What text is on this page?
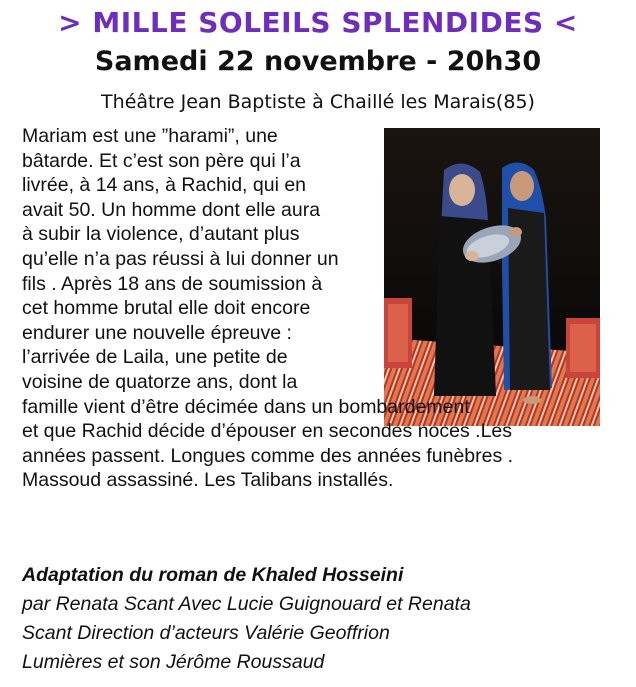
> MILLE SOLEILS SPLENDIDES <
Samedi 22 novembre - 20h30
Théâtre Jean Baptiste à Chaillé les Marais(85)
Mariam est une ”harami”, une
bâtarde. Et c’est son père qui l’a
livrée, à 14 ans, à Rachid, qui en
avait 50. Un homme dont elle aura
à subir la violence, d’autant plus
qu’elle n’a pas réussi à lui donner un
fils . Après 18 ans de soumission à
cet homme brutal elle doit encore
endurer une nouvelle épreuve :
l’arrivée de Laila, une petite de
voisine de quatorze ans, dont la
famille vient d’être décimée dans un bombardement
et que Rachid décide d’épouser en secondes noces .Les
années passent. Longues comme des années funèbres .
Massoud assassiné. Les Talibans installés.
Adaptation du roman de Khaled Hosseini
par Renata Scant Avec Lucie Guignouard et Renata
Scant Direction d’acteurs Valérie Geoffrion
Lumières et son Jérôme Roussaud
